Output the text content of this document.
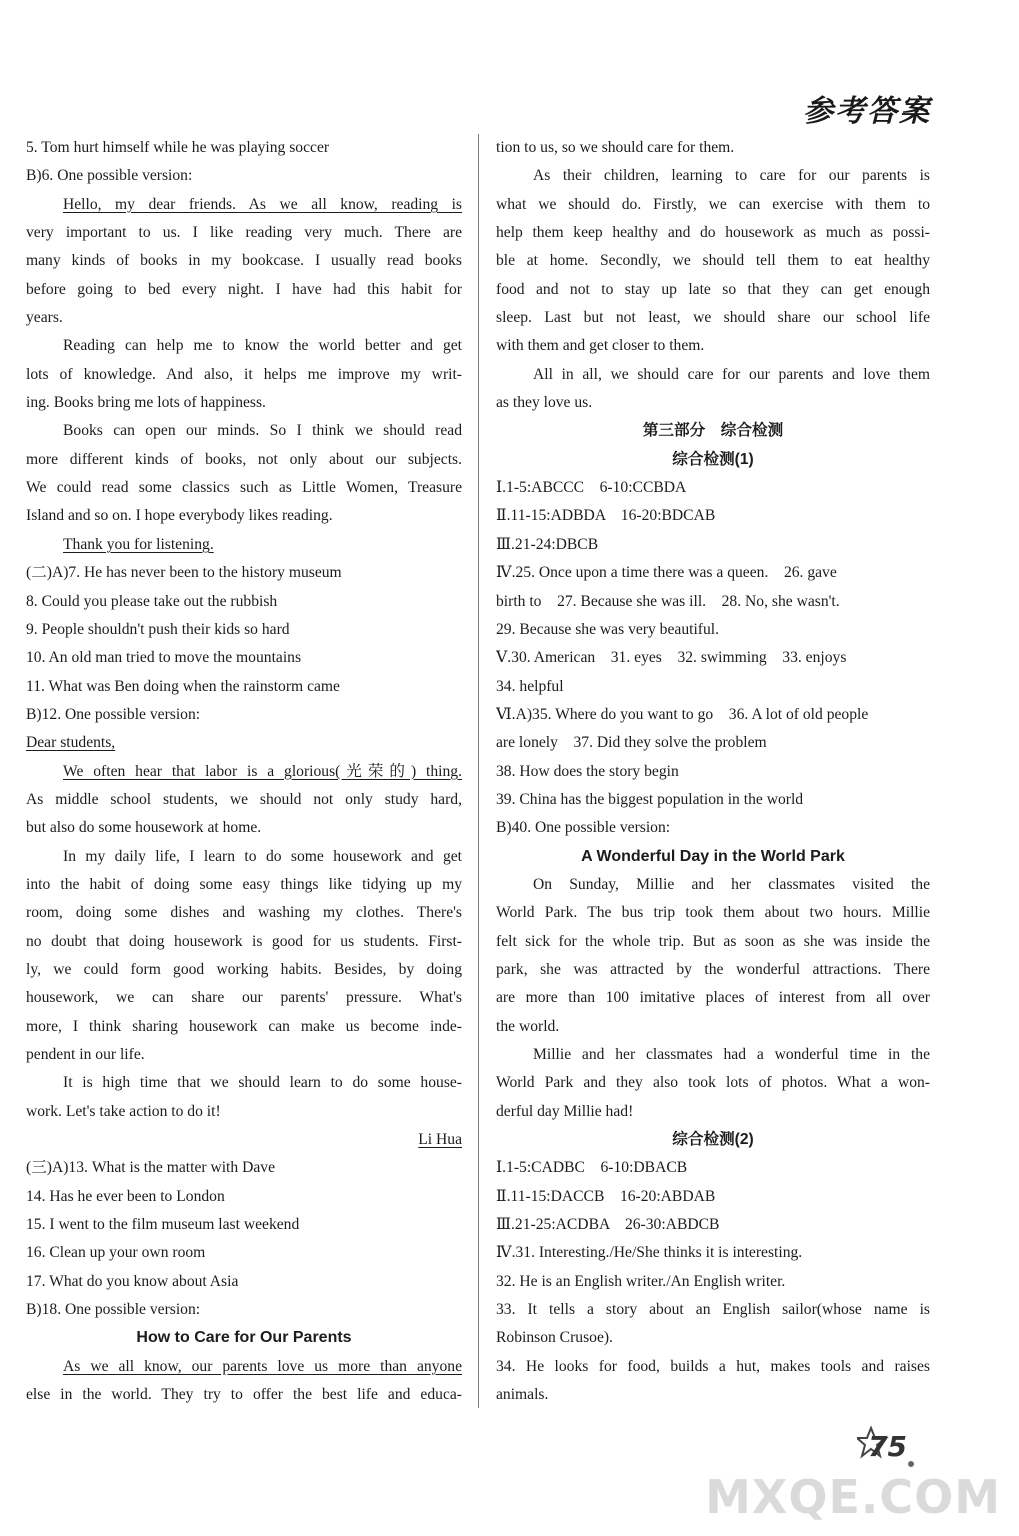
参考答案
5. Tom hurt himself while he was playing soccer
B)6. One possible version:
Hello, my dear friends. As we all know, reading is
very important to us. I like reading very much. There are
many kinds of books in my bookcase. I usually read books
before going to bed every night. I have had this habit for
years.
Reading can help me to know the world better and get
lots of knowledge. And also, it helps me improve my writ-
ing. Books bring me lots of happiness.
Books can open our minds. So I think we should read
more different kinds of books, not only about our subjects.
We could read some classics such as Little Women, Treasure
Island and so on. I hope everybody likes reading.
Thank you for listening.
(二)A)7. He has never been to the history museum
8. Could you please take out the rubbish
9. People shouldn't push their kids so hard
10. An old man tried to move the mountains
11. What was Ben doing when the rainstorm came
B)12. One possible version:
Dear students,
We often hear that labor is a glorious(光荣的) thing.
As middle school students, we should not only study hard,
but also do some housework at home.
In my daily life, I learn to do some housework and get
into the habit of doing some easy things like tidying up my
room, doing some dishes and washing my clothes. There's
no doubt that doing housework is good for us students. First-
ly, we could form good working habits. Besides, by doing
housework, we can share our parents' pressure. What's
more, I think sharing housework can make us become inde-
pendent in our life.
It is high time that we should learn to do some house-
work. Let's take action to do it!
Li Hua
(三)A)13. What is the matter with Dave
14. Has he ever been to London
15. I went to the film museum last weekend
16. Clean up your own room
17. What do you know about Asia
B)18. One possible version:
How to Care for Our Parents
As we all know, our parents love us more than anyone
else in the world. They try to offer the best life and educa-
tion to us, so we should care for them.
As their children, learning to care for our parents is
what we should do. Firstly, we can exercise with them to
help them keep healthy and do housework as much as possi-
ble at home. Secondly, we should tell them to eat healthy
food and not to stay up late so that they can get enough
sleep. Last but not least, we should share our school life
with them and get closer to them.
All in all, we should care for our parents and love them
as they love us.
第三部分　综合检测
综合检测(1)
Ⅰ.1-5:ABCCC　6-10:CCBDA
Ⅱ.11-15:ADBDA　16-20:BDCAB
Ⅲ.21-24:DBCB
Ⅳ.25. Once upon a time there was a queen.　26. gave
birth to　27. Because she was ill.　28. No, she wasn't.
29. Because she was very beautiful.
Ⅴ.30. American　31. eyes　32. swimming　33. enjoys
34. helpful
Ⅵ.A)35. Where do you want to go　36. A lot of old people
are lonely　37. Did they solve the problem
38. How does the story begin
39. China has the biggest population in the world
B)40. One possible version:
A Wonderful Day in the World Park
On Sunday, Millie and her classmates visited the
World Park. The bus trip took them about two hours. Millie
felt sick for the whole trip. But as soon as she was inside the
park, she was attracted by the wonderful attractions. There
are more than 100 imitative places of interest from all over
the world.
Millie and her classmates had a wonderful time in the
World Park and they also took lots of photos. What a won-
derful day Millie had!
综合检测(2)
Ⅰ.1-5:CADBC　6-10:DBACB
Ⅱ.11-15:DACCB　16-20:ABDAB
Ⅲ.21-25:ACDBA　26-30:ABDCB
Ⅳ.31. Interesting./He/She thinks it is interesting.
32. He is an English writer./An English writer.
33. It tells a story about an English sailor(whose name is
Robinson Crusoe).
34. He looks for food, builds a hut, makes tools and raises
animals.
75
MXQE.COM
